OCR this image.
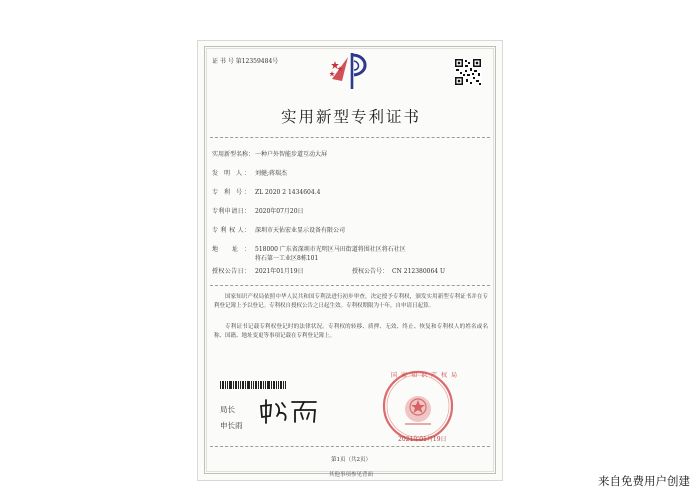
证 书 号 第12359484号
实用新型专利证书
实用新型名称： 一种户外智能步道互动大屏
发 明 人： 刘健;蒋瑞杰
专 利 号： ZL 2020 2 1434604.4
专利申请日： 2020年07月20日
专 利 权 人： 深圳市天佑宏业显示设备有限公司
地 址： 518000 广东省深圳市光明区马田街道将围社区将石社区
将石第一工业区8栋101
授权公告日： 2021年01月19日	授权公告号： CN 212380064 U
国家知识产权局依照中华人民共和国专利法进行初步审查，决定授予专利权，颁发实用新型专利证书并在专利登记簿上予以登记。专利权自授权公告之日起生效。专利权期限为十年，自申请日起算。
专利证书记载专利权登记时的法律状况。专利权的转移、质押、无效、终止、恢复和专利权人的姓名或名称、国籍、地址变更等事项记载在专利登记簿上。
局长
申长雨
国家知识产权局
2021年01月19日
第1页（共2页）
其他事项参见背面	来自免费用户创建
